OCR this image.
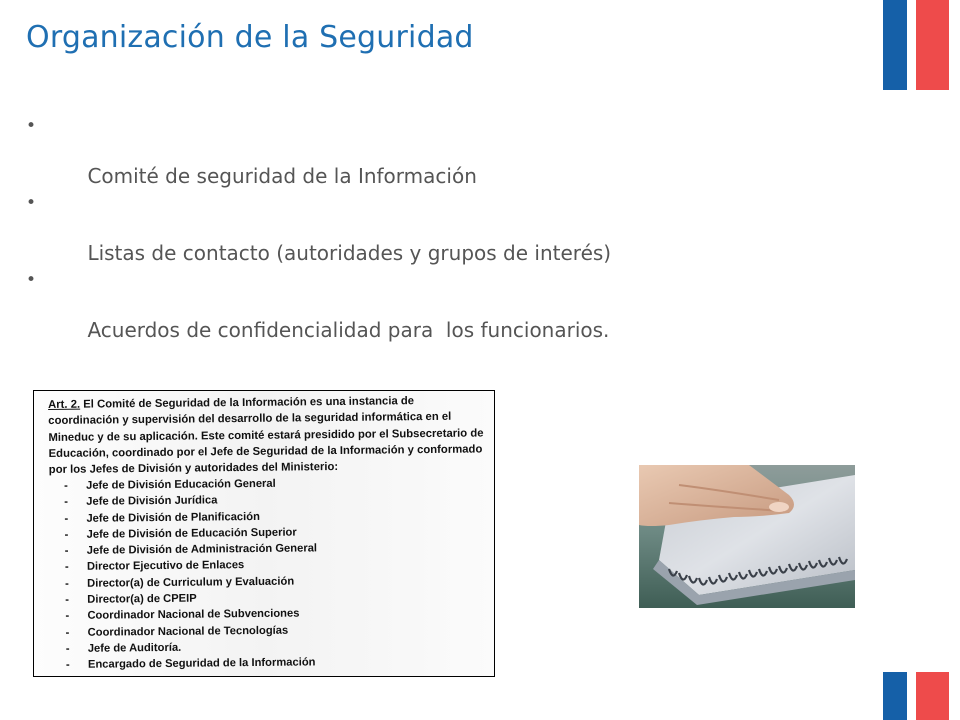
Organización de la Seguridad

•

Comité de seguridad de la Información

•

Listas de contacto (autoridades y grupos de interés)

•

Acuerdos de confidencialidad para  los funcionarios.

Art. 2. El Comité de Seguridad de la Información es una instancia de coordinación y supervisión del desarrollo de la seguridad informática en el Mineduc y de su aplicación. Este comité estará presidido por el Subsecretario de Educación, coordinado por el Jefe de Seguridad de la Información y conformado por los Jefes de División y autoridades del Ministerio:
- Jefe de División Educación General
- Jefe de División Jurídica
- Jefe de División de Planificación
- Jefe de División de Educación Superior
- Jefe de División de Administración General
- Director Ejecutivo de Enlaces
- Director(a) de Curriculum y Evaluación
- Director(a) de CPEIP
- Coordinador Nacional de Subvenciones
- Coordinador Nacional de Tecnologías
- Jefe de Auditoría.
- Encargado de Seguridad de la Información
